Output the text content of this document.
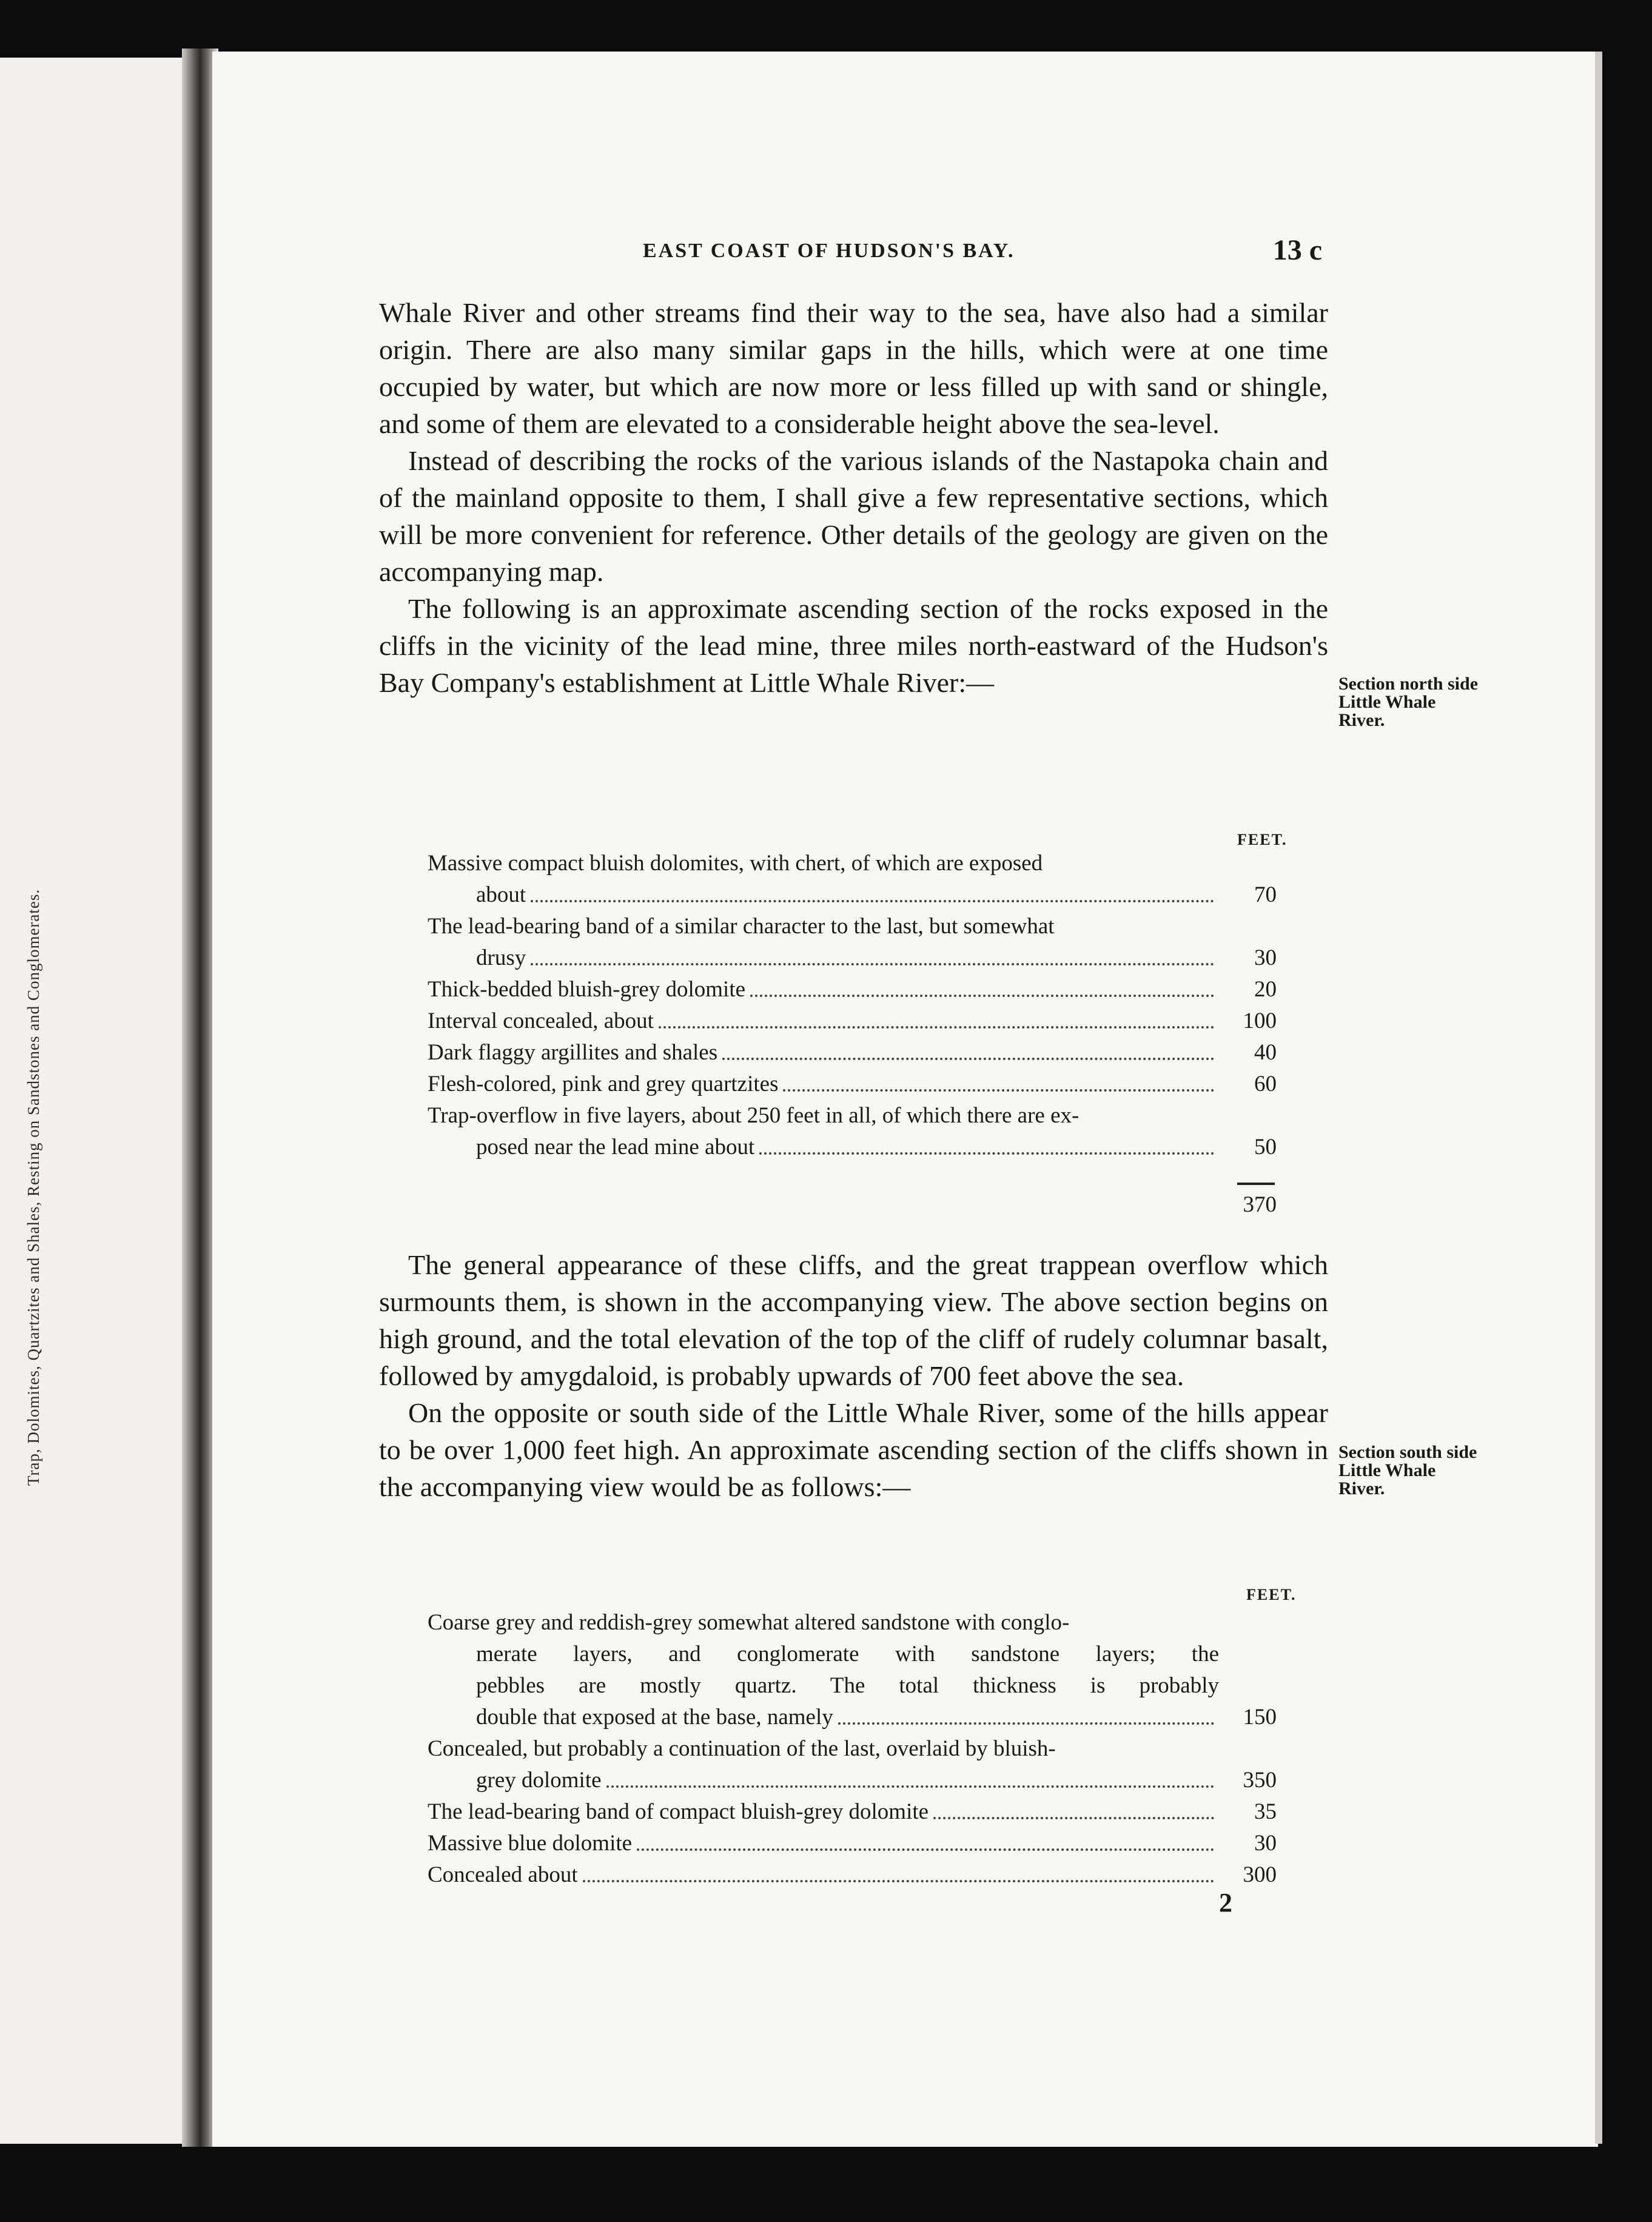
Trap, Dolomites, Quartzites and Shales, Resting on Sandstones and Conglomerates.
EAST COAST OF HUDSON'S BAY.	13 c

Whale River and other streams find their way to the sea, have also had a similar origin. There are also many similar gaps in the hills, which were at one time occupied by water, but which are now more or less filled up with sand or shingle, and some of them are elevated to a considerable height above the sea-level.

Instead of describing the rocks of the various islands of the Nastapoka chain and of the mainland opposite to them, I shall give a few representative sections, which will be more convenient for reference. Other details of the geology are given on the accompanying map.

The following is an approximate ascending section of the rocks exposed in the cliffs in the vicinity of the lead mine, three miles north-eastward of the Hudson's Bay Company's establishment at Little Whale River:—	Section north side Little Whale River.
FEET.
Massive compact bluish dolomites, with chert, of which are exposed
about	70
The lead-bearing band of a similar character to the last, but somewhat
drusy	30
Thick-bedded bluish-grey dolomite	20
Interval concealed, about	100
Dark flaggy argillites and shales	40
Flesh-colored, pink and grey quartzites	60
Trap-overflow in five layers, about 250 feet in all, of which there are ex-
posed near the lead mine about	50
370

The general appearance of these cliffs, and the great trappean overflow which surmounts them, is shown in the accompanying view. The above section begins on high ground, and the total elevation of the top of the cliff of rudely columnar basalt, followed by amygdaloid, is probably upwards of 700 feet above the sea.

On the opposite or south side of the Little Whale River, some of the hills appear to be over 1,000 feet high. An approximate ascending section of the cliffs shown in the accompanying view would be as follows:—

Section south side Little Whale River.
FEET.
Coarse grey and reddish-grey somewhat altered sandstone with conglo-
merate layers, and conglomerate with sandstone layers; the
pebbles are mostly quartz. The total thickness is probably
double that exposed at the base, namely	150
Concealed, but probably a continuation of the last, overlaid by bluish-
grey dolomite	350
The lead-bearing band of compact bluish-grey dolomite	35
Massive blue dolomite	30
Concealed about	300
2
